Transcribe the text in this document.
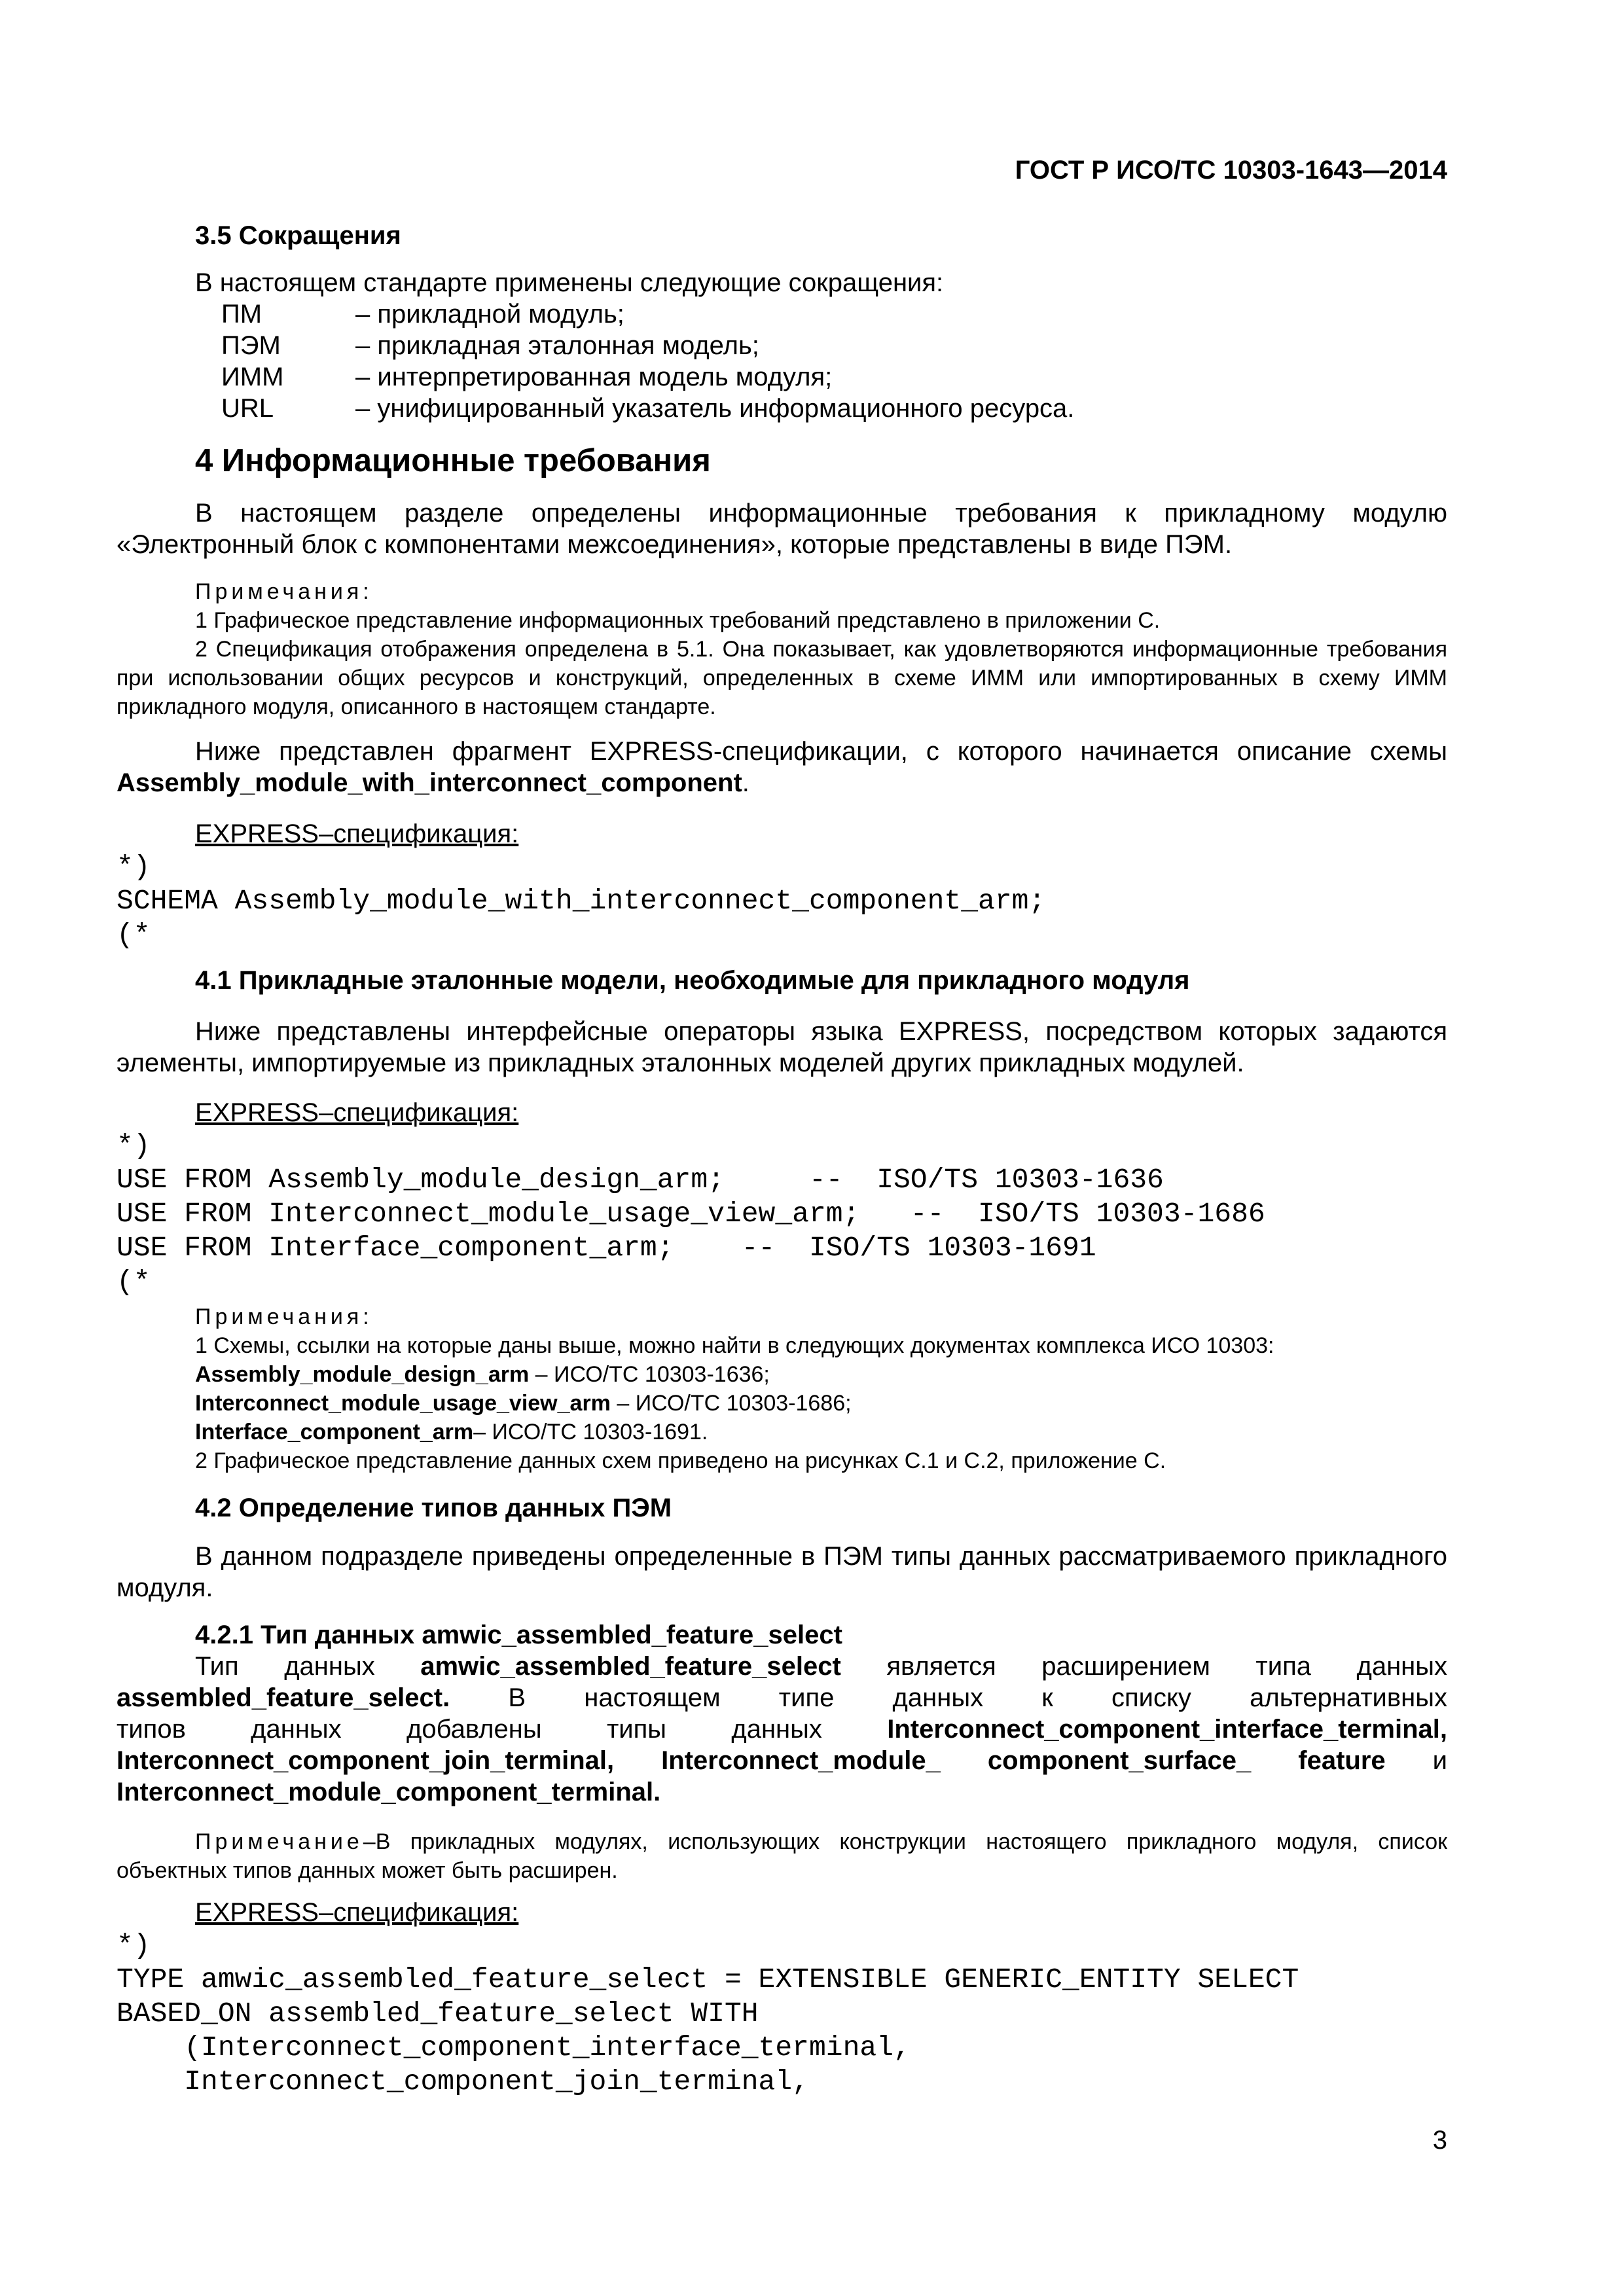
ГОСТ Р ИСО/ТС 10303-1643—2014
3.5 Сокращения
В настоящем стандарте применены следующие сокращения:
ПМ	– прикладной модуль;
ПЭМ	– прикладная эталонная модель;
ИММ	– интерпретированная модель модуля;
URL	– унифицированный указатель информационного ресурса.
4 Информационные требования
В настоящем разделе определены информационные требования к прикладному модулю «Электронный блок с компонентами межсоединения», которые представлены в виде ПЭМ.
Примечания:
1 Графическое представление информационных требований представлено в приложении С.
2 Спецификация отображения определена в 5.1. Она показывает, как удовлетворяются информационные требования при использовании общих ресурсов и конструкций, определенных в схеме ИММ или импортированных в схему ИММ прикладного модуля, описанного в настоящем стандарте.
Ниже представлен фрагмент EXPRESS-спецификации, с которого начинается описание схемы Assembly_module_with_interconnect_component.
EXPRESS–спецификация:
*)
SCHEMA Assembly_module_with_interconnect_component_arm;
(*
4.1 Прикладные эталонные модели, необходимые для прикладного модуля
Ниже представлены интерфейсные операторы языка EXPRESS, посредством которых задаются элементы, импортируемые из прикладных эталонных моделей других прикладных модулей.
EXPRESS–спецификация:
*)
USE FROM Assembly_module_design_arm;     --  ISO/TS 10303-1636
USE FROM Interconnect_module_usage_view_arm;   --  ISO/TS 10303-1686
USE FROM Interface_component_arm;    --  ISO/TS 10303-1691
(*
Примечания:
1 Схемы, ссылки на которые даны выше, можно найти в следующих документах комплекса ИСО 10303:
Assembly_module_design_arm – ИСО/ТС 10303-1636;
Interconnect_module_usage_view_arm – ИСО/ТС 10303-1686;
Interface_component_arm– ИСО/ТС 10303-1691.
2 Графическое представление данных схем приведено на рисунках С.1 и С.2, приложение С.
4.2 Определение типов данных ПЭМ
В данном подразделе приведены определенные в ПЭМ типы данных рассматриваемого прикладного модуля.
4.2.1 Тип данных amwic_assembled_feature_select
Тип данных amwic_assembled_feature_select является расширением типа данных
assembled_feature_select. В настоящем типе данных к списку альтернативных
типов данных добавлены типы данных Interconnect_component_interface_terminal,
Interconnect_component_join_terminal, Interconnect_module_ component_surface_ feature и
Interconnect_module_component_terminal.
Примечание–В прикладных модулях, использующих конструкции настоящего прикладного модуля, список объектных типов данных может быть расширен.
EXPRESS–спецификация:
*)
TYPE amwic_assembled_feature_select = EXTENSIBLE GENERIC_ENTITY SELECT
BASED_ON assembled_feature_select WITH
(Interconnect_component_interface_terminal,
Interconnect_component_join_terminal,
3
